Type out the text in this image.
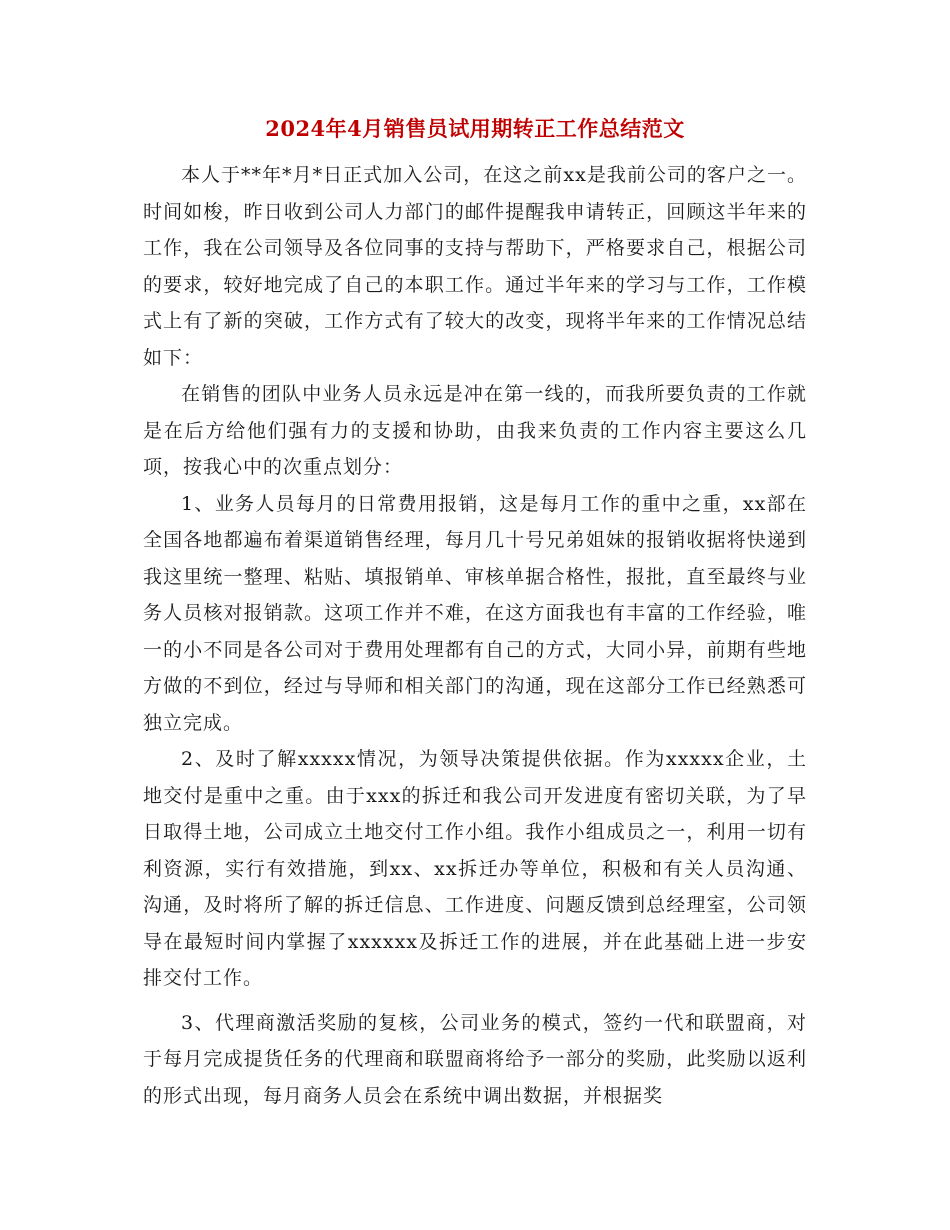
2024年4月销售员试用期转正工作总结范文

本人于**年*月*日正式加入公司，在这之前xx是我前公司的客户之一。时间如梭，昨日收到公司人力部门的邮件提醒我申请转正，回顾这半年来的工作，我在公司领导及各位同事的支持与帮助下，严格要求自己，根据公司的要求，较好地完成了自己的本职工作。通过半年来的学习与工作，工作模式上有了新的突破，工作方式有了较大的改变，现将半年来的工作情况总结如下：

在销售的团队中业务人员永远是冲在第一线的，而我所要负责的工作就是在后方给他们强有力的支援和协助，由我来负责的工作内容主要这么几项，按我心中的次重点划分：

1、业务人员每月的日常费用报销，这是每月工作的重中之重，xx部在全国各地都遍布着渠道销售经理，每月几十号兄弟姐妹的报销收据将快递到我这里统一整理、粘贴、填报销单、审核单据合格性，报批，直至最终与业务人员核对报销款。这项工作并不难，在这方面我也有丰富的工作经验，唯一的小不同是各公司对于费用处理都有自己的方式，大同小异，前期有些地方做的不到位，经过与导师和相关部门的沟通，现在这部分工作已经熟悉可独立完成。

2、及时了解xxxxx情况，为领导决策提供依据。作为xxxxx企业，土地交付是重中之重。由于xxx的拆迁和我公司开发进度有密切关联，为了早日取得土地，公司成立土地交付工作小组。我作小组成员之一，利用一切有利资源，实行有效措施，到xx、xx拆迁办等单位，积极和有关人员沟通、沟通，及时将所了解的拆迁信息、工作进度、问题反馈到总经理室，公司领导在最短时间内掌握了xxxxxx及拆迁工作的进展，并在此基础上进一步安排交付工作。

3、代理商激活奖励的复核，公司业务的模式，签约一代和联盟商，对于每月完成提货任务的代理商和联盟商将给予一部分的奖励，此奖励以返利的形式出现，每月商务人员会在系统中调出数据，并根据奖
